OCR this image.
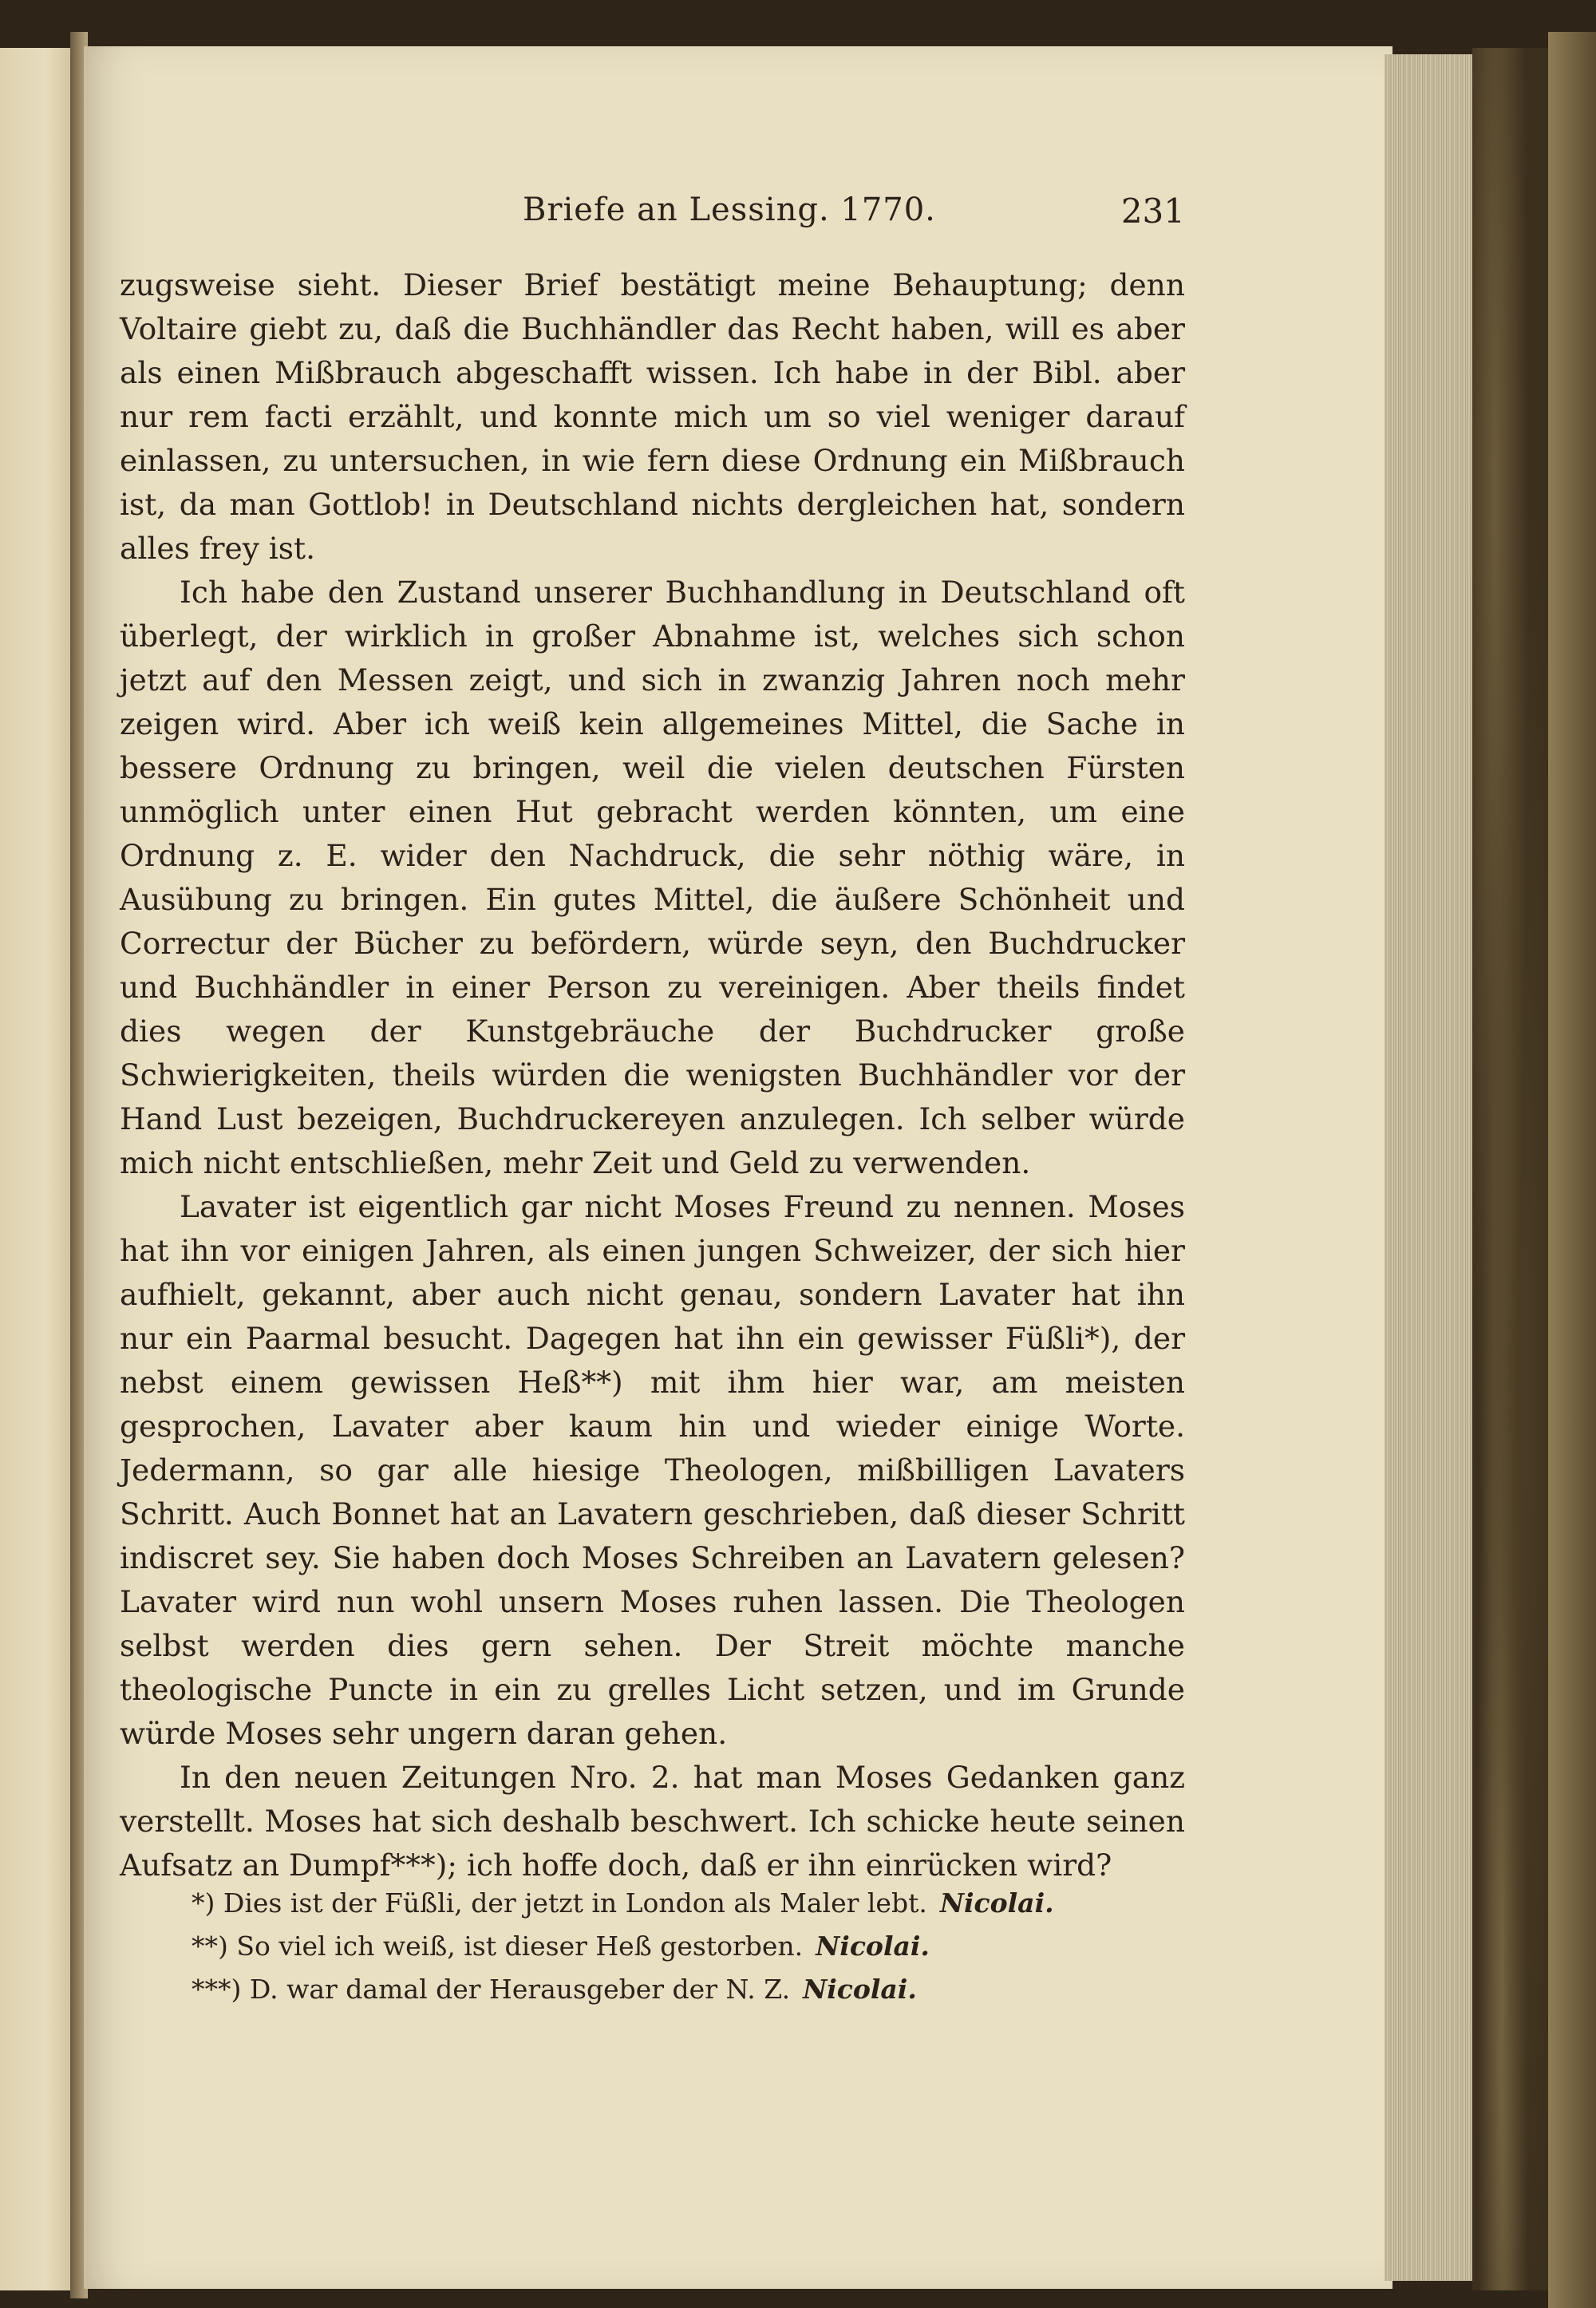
Briefe an Lessing. 1770.	231

zugsweise sieht. Dieser Brief bestätigt meine Behauptung; denn Voltaire giebt zu, daß die Buchhändler das Recht haben, will es aber als einen Mißbrauch abgeschafft wissen. Ich habe in der Bibl. aber nur rem facti erzählt, und konnte mich um so viel weniger darauf einlassen, zu untersuchen, in wie fern diese Ordnung ein Mißbrauch ist, da man Gottlob! in Deutschland nichts dergleichen hat, sondern alles frey ist.

Ich habe den Zustand unserer Buchhandlung in Deutschland oft überlegt, der wirklich in großer Abnahme ist, welches sich schon jetzt auf den Messen zeigt, und sich in zwanzig Jahren noch mehr zeigen wird. Aber ich weiß kein allgemeines Mittel, die Sache in bessere Ordnung zu bringen, weil die vielen deutschen Fürsten unmöglich unter einen Hut gebracht werden könnten, um eine Ordnung z. E. wider den Nachdruck, die sehr nöthig wäre, in Ausübung zu bringen. Ein gutes Mittel, die äußere Schönheit und Correctur der Bücher zu befördern, würde seyn, den Buchdrucker und Buchhändler in einer Person zu vereinigen. Aber theils findet dies wegen der Kunstgebräuche der Buchdrucker große Schwierigkeiten, theils würden die wenigsten Buchhändler vor der Hand Lust bezeigen, Buchdruckereyen anzulegen. Ich selber würde mich nicht entschließen, mehr Zeit und Geld zu verwenden.

Lavater ist eigentlich gar nicht Moses Freund zu nennen. Moses hat ihn vor einigen Jahren, als einen jungen Schweizer, der sich hier aufhielt, gekannt, aber auch nicht genau, sondern Lavater hat ihn nur ein Paarmal besucht. Dagegen hat ihn ein gewisser Füßli*), der nebst einem gewissen Heß**) mit ihm hier war, am meisten gesprochen, Lavater aber kaum hin und wieder einige Worte. Jedermann, so gar alle hiesige Theologen, mißbilligen Lavaters Schritt. Auch Bonnet hat an Lavatern geschrieben, daß dieser Schritt indiscret sey. Sie haben doch Moses Schreiben an Lavatern gelesen? Lavater wird nun wohl unsern Moses ruhen lassen. Die Theologen selbst werden dies gern sehen. Der Streit möchte manche theologische Puncte in ein zu grelles Licht setzen, und im Grunde würde Moses sehr ungern daran gehen.

In den neuen Zeitungen Nro. 2. hat man Moses Gedanken ganz verstellt. Moses hat sich deshalb beschwert. Ich schicke heute seinen Aufsatz an Dumpf***); ich hoffe doch, daß er ihn einrücken wird?

*) Dies ist der Füßli, der jetzt in London als Maler lebt. Nicolai.

**) So viel ich weiß, ist dieser Heß gestorben. Nicolai.

***) D. war damal der Herausgeber der N. Z. Nicolai.
